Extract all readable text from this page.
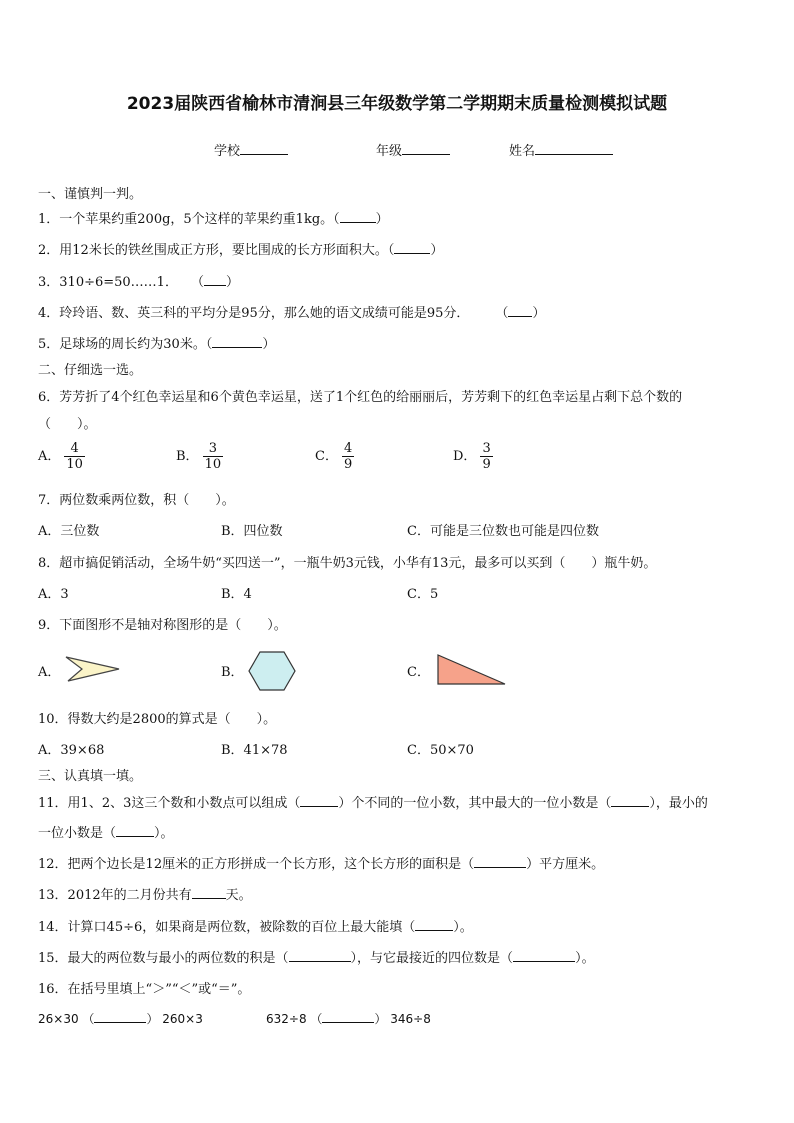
2023届陕西省榆林市清涧县三年级数学第二学期期末质量检测模拟试题
学校	年级	姓名
一、谨慎判一判。
1．一个苹果约重200g，5个这样的苹果约重1kg。（	）
2．用12米长的铁丝围成正方形，要比围成的长方形面积大。（	）
3．310÷6=50……1．　　（ ）
4．玲玲语、数、英三科的平均分是95分，那么她的语文成绩可能是95分．　　　（ ）
5．足球场的周长约为30米。（	）
二、仔细选一选。
6．芳芳折了4个红色幸运星和6个黄色幸运星，送了1个红色的给丽丽后，芳芳剩下的红色幸运星占剩下总个数的
（　　）。
A． $\frac{4}{10}$	B． $\frac{3}{10}$	C． $\frac{4}{9}$	D． $\frac{3}{9}$
7．两位数乘两位数，积（　　）。
A．三位数	B．四位数	C．可能是三位数也可能是四位数
8．超市搞促销活动，全场牛奶“买四送一”，一瓶牛奶3元钱，小华有13元，最多可以买到（　　）瓶牛奶。
A．3	B．4	C．5
9．下面图形不是轴对称图形的是（　　）。
A．	B．	C．
10．得数大约是2800的算式是（　　）。
A．39×68	B．41×78	C．50×70
三、认真填一填。
11．用1、2、3这三个数和小数点可以组成（	）个不同的一位小数，其中最大的一位小数是（	），最小的
一位小数是（	）。
12．把两个边长是12厘米的正方形拼成一个长方形，这个长方形的面积是（	）平方厘米。
13．2012年的二月份共有	天。
14．计算口45÷6，如果商是两位数，被除数的百位上最大能填（	）。
15．最大的两位数与最小的两位数的积是（	），与它最接近的四位数是（	）。
16．在括号里填上“＞”“＜”或“＝”。
26×30 （	） 260×3	632÷8 （	） 346÷8
